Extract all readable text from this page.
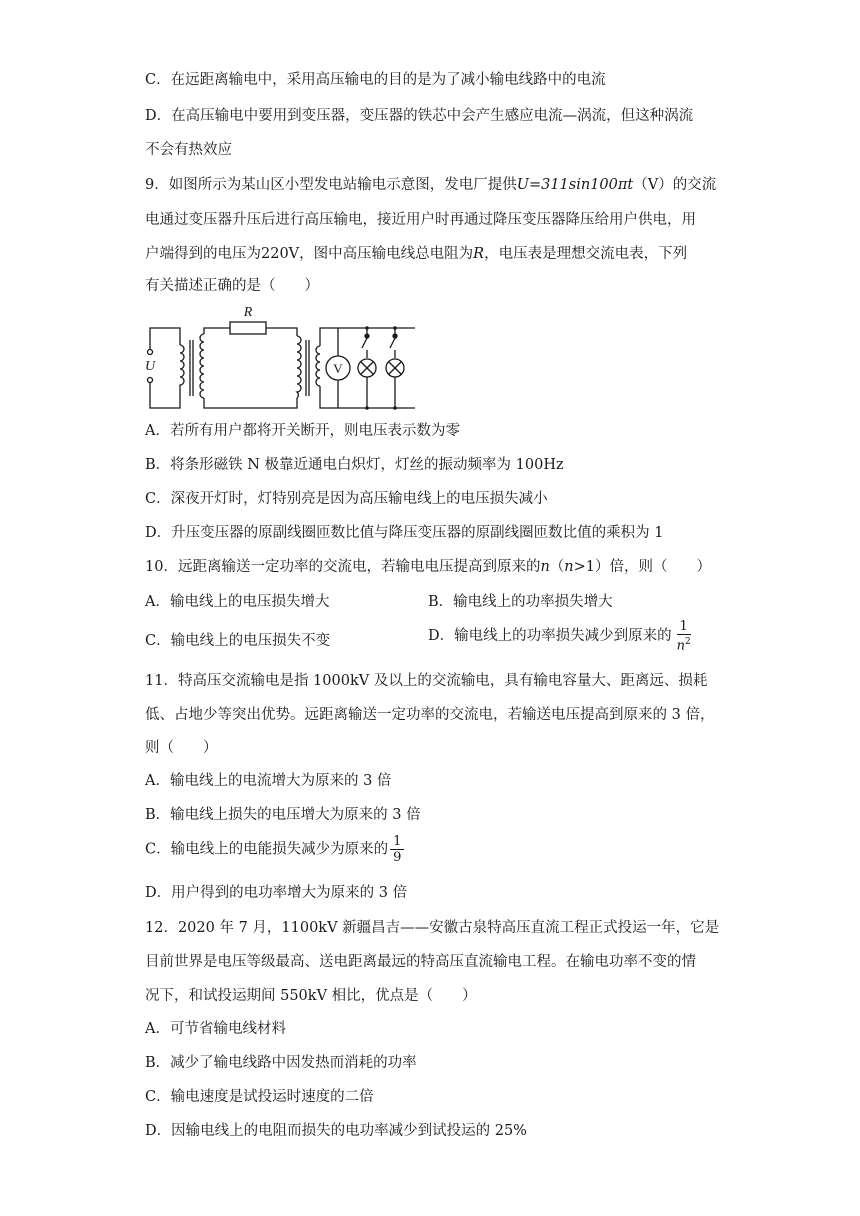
C．在远距离输电中，采用高压输电的目的是为了减小输电线路中的电流
D．在高压输电中要用到变压器，变压器的铁芯中会产生感应电流—涡流，但这种涡流
不会有热效应
9．如图所示为某山区小型发电站输电示意图，发电厂提供U=311sin100πt（V）的交流
电通过变压器升压后进行高压输电，接近用户时再通过降压变压器降压给用户供电，用
户端得到的电压为220V，图中高压输电线总电阻为R，电压表是理想交流电表，下列
有关描述正确的是（　　）
R
U	V
A．若所有用户都将开关断开，则电压表示数为零
B．将条形磁铁 N 极靠近通电白炽灯，灯丝的振动频率为 100Hz
C．深夜开灯时，灯特别亮是因为高压输电线上的电压损失减小
D．升压变压器的原副线圈匝数比值与降压变压器的原副线圈匝数比值的乘积为 1
10．远距离输送一定功率的交流电，若输电电压提高到原来的n（n>1）倍，则（　　）
A．输电线上的电压损失增大	B．输电线上的功率损失增大
C．输电线上的电压损失不变	D．输电线上的功率损失减少到原来的 $\frac{1}{n^2}$
11．特高压交流输电是指 1000kV 及以上的交流输电，具有输电容量大、距离远、损耗
低、占地少等突出优势。远距离输送一定功率的交流电，若输送电压提高到原来的 3 倍，
则（　　）
A．输电线上的电流增大为原来的 3 倍
B．输电线上损失的电压增大为原来的 3 倍
C．输电线上的电能损失减少为原来的 $\frac{1}{9}$
D．用户得到的电功率增大为原来的 3 倍
12．2020 年 7 月，1100kV 新疆昌吉——安徽古泉特高压直流工程正式投运一年，它是
目前世界是电压等级最高、送电距离最远的特高压直流输电工程。在输电功率不变的情
况下，和试投运期间 550kV 相比，优点是（　　）
A．可节省输电线材料
B．减少了输电线路中因发热而消耗的功率
C．输电速度是试投运时速度的二倍
D．因输电线上的电阻而损失的电功率减少到试投运的 25%
